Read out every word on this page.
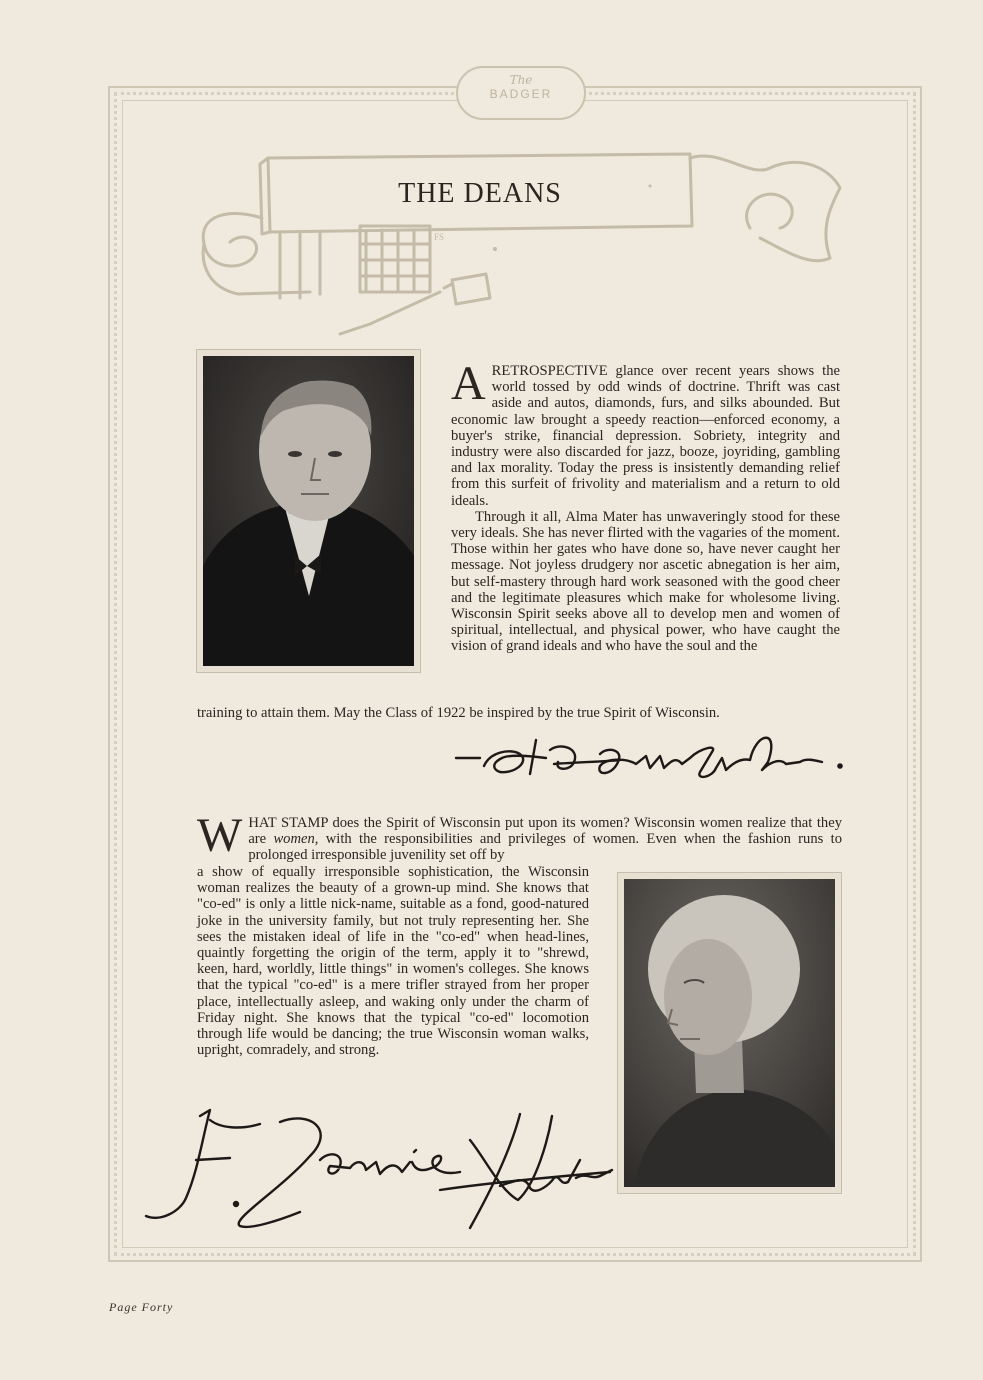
The
BADGER
FS
THE DEANS

A RETROSPECTIVE glance over recent years shows the world tossed by odd winds of doctrine. Thrift was cast aside and autos, diamonds, furs, and silks abounded. But economic law brought a speedy reaction—enforced economy, a buyer's strike, financial depression. Sobriety, integrity and industry were also discarded for jazz, booze, joyriding, gambling and lax morality. Today the press is insistently demanding relief from this surfeit of frivolity and materialism and a return to old ideals.

Through it all, Alma Mater has unwaveringly stood for these very ideals. She has never flirted with the vagaries of the moment. Those within her gates who have done so, have never caught her message. Not joyless drudgery nor ascetic abnegation is her aim, but self-mastery through hard work seasoned with the good cheer and the legitimate pleasures which make for wholesome living. Wisconsin Spirit seeks above all to develop men and women of spiritual, intellectual, and physical power, who have caught the vision of grand ideals and who have the soul and the

training to attain them. May the Class of 1922 be inspired by the true Spirit of Wisconsin.

W HAT STAMP does the Spirit of Wisconsin put upon its women? Wisconsin women realize that they are women, with the responsibilities and privileges of women. Even when the fashion runs to prolonged irresponsible juvenility set off by

a show of equally irresponsible sophistication, the Wisconsin woman realizes the beauty of a grown-up mind. She knows that "co-ed" is only a little nick-name, suitable as a fond, good-natured joke in the university family, but not truly representing her. She sees the mistaken ideal of life in the "co-ed" when head-lines, quaintly forgetting the origin of the term, apply it to "shrewd, keen, hard, worldly, little things" in women's colleges. She knows that the typical "co-ed" is a mere trifler strayed from her proper place, intellectually asleep, and waking only under the charm of Friday night. She knows that the typical "co-ed" locomotion through life would be dancing; the true Wisconsin woman walks, upright, comradely, and strong.
Page Forty
